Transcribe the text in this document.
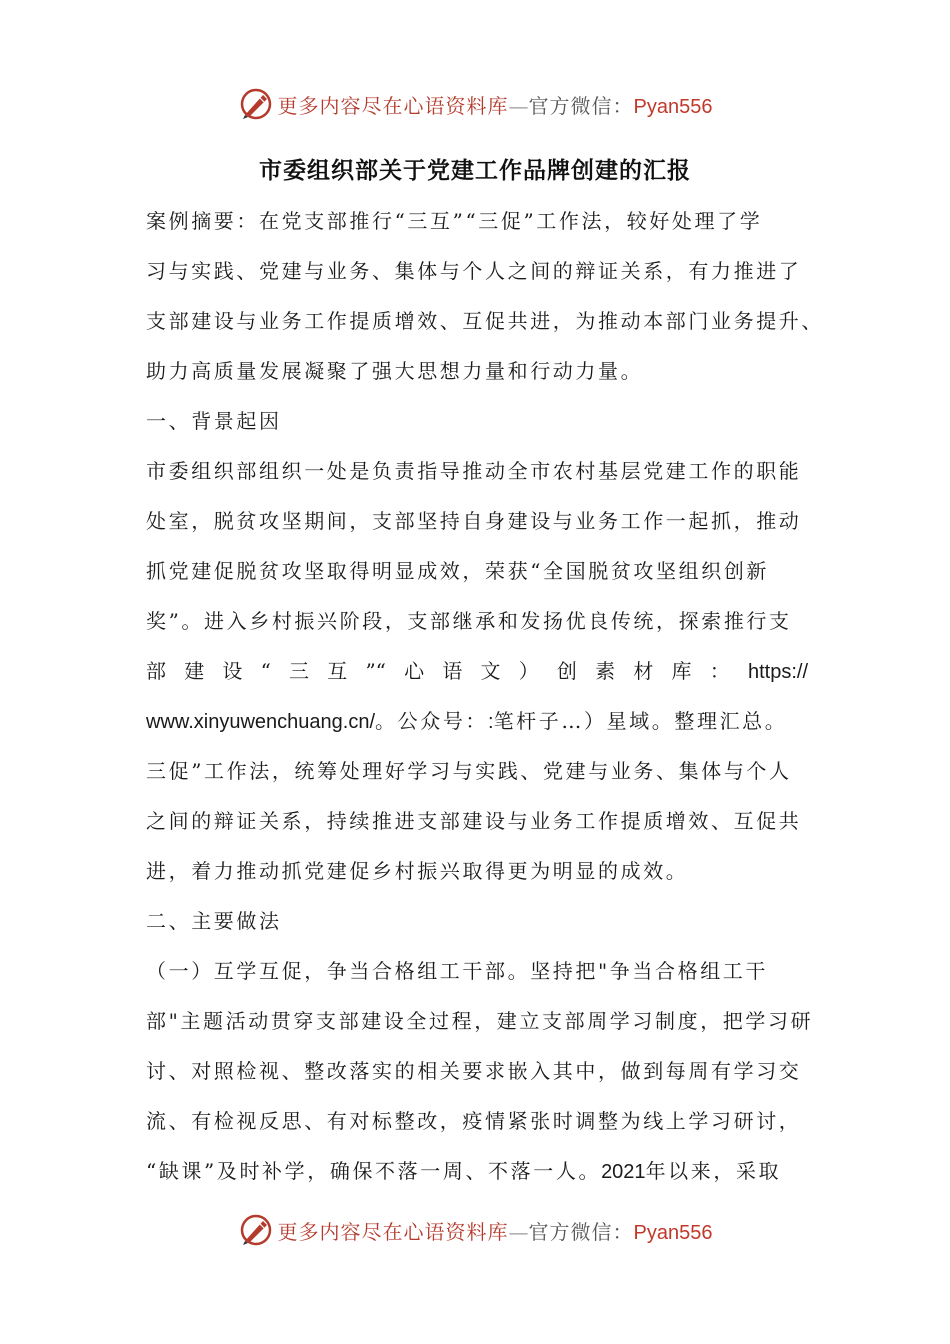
更多内容尽在心语资料库—官方微信：Pyan556
市委组织部关于党建工作品牌创建的汇报
案例摘要：在党支部推行“三互”“三促”工作法，较好处理了学
习与实践、党建与业务、集体与个人之间的辩证关系，有力推进了
支部建设与业务工作提质增效、互促共进，为推动本部门业务提升、
助力高质量发展凝聚了强大思想力量和行动力量。
一、背景起因
市委组织部组织一处是负责指导推动全市农村基层党建工作的职能
处室，脱贫攻坚期间，支部坚持自身建设与业务工作一起抓，推动
抓党建促脱贫攻坚取得明显成效，荣获“全国脱贫攻坚组织创新
奖”。进入乡村振兴阶段，支部继承和发扬优良传统，探索推行支
部建设“三互”“心语文）创素材库：https://
www.xinyuwenchuang.cn/。公众号：:笔杆子…）星域。整理汇总。
三促”工作法，统筹处理好学习与实践、党建与业务、集体与个人
之间的辩证关系，持续推进支部建设与业务工作提质增效、互促共
进，着力推动抓党建促乡村振兴取得更为明显的成效。
二、主要做法
（一）互学互促，争当合格组工干部。坚持把"争当合格组工干
部"主题活动贯穿支部建设全过程，建立支部周学习制度，把学习研
讨、对照检视、整改落实的相关要求嵌入其中，做到每周有学习交
流、有检视反思、有对标整改，疫情紧张时调整为线上学习研讨，
“缺课”及时补学，确保不落一周、不落一人。2021年以来，采取
更多内容尽在心语资料库—官方微信：Pyan556
